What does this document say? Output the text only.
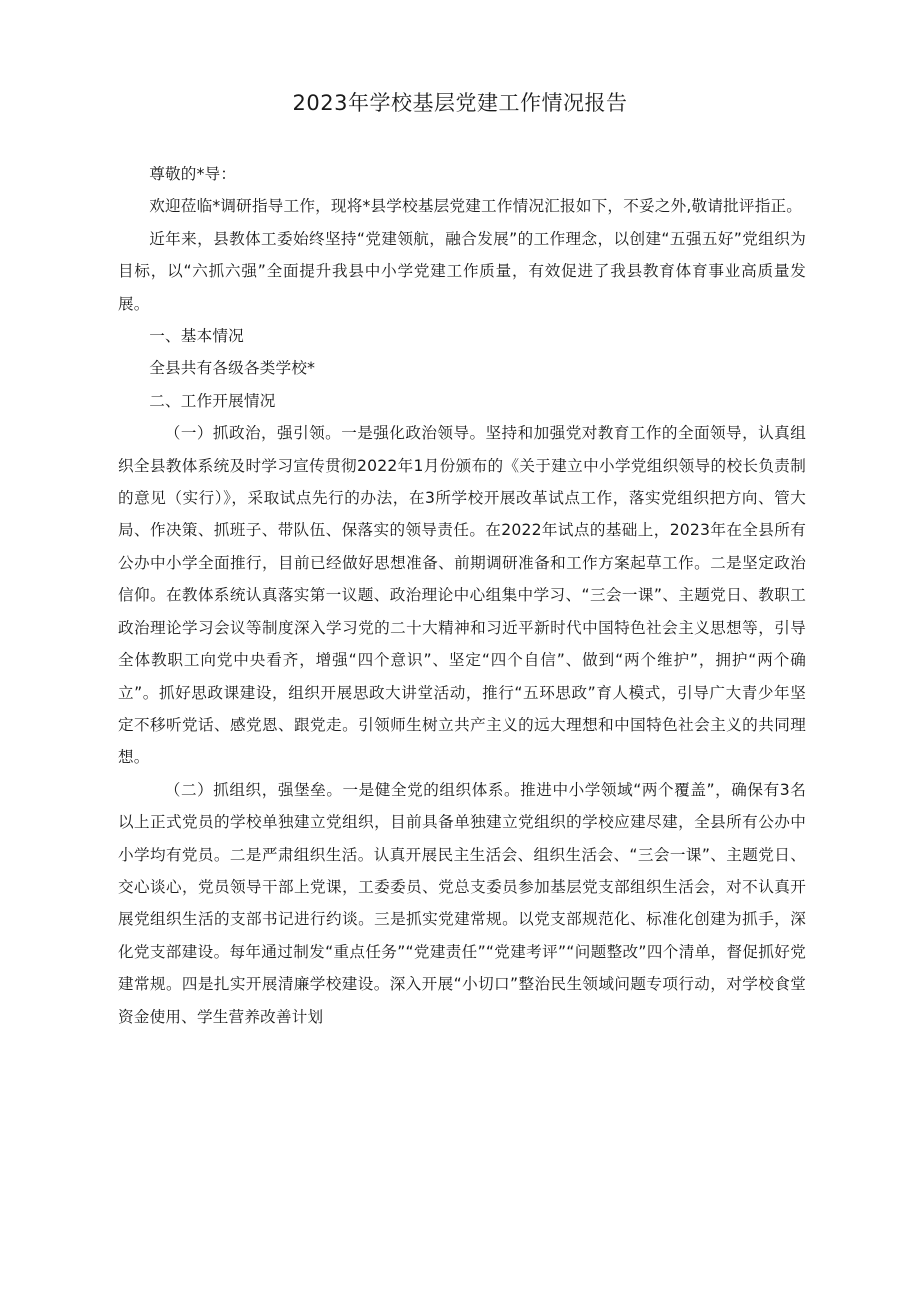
2023年学校基层党建工作情况报告

尊敬的*导：

欢迎莅临*调研指导工作，现将*县学校基层党建工作情况汇报如下，不妥之外,敬请批评指正。

近年来，县教体工委始终坚持“党建领航，融合发展”的工作理念，以创建“五强五好”党组织为目标，以“六抓六强”全面提升我县中小学党建工作质量，有效促进了我县教育体育事业高质量发展。

一、基本情况

全县共有各级各类学校*

二、工作开展情况

（一）抓政治，强引领。一是强化政治领导。坚持和加强党对教育工作的全面领导，认真组织全县教体系统及时学习宣传贯彻2022年1月份颁布的《关于建立中小学党组织领导的校长负责制的意见（实行）》，采取试点先行的办法，在3所学校开展改革试点工作，落实党组织把方向、管大局、作决策、抓班子、带队伍、保落实的领导责任。在2022年试点的基础上，2023年在全县所有公办中小学全面推行，目前已经做好思想准备、前期调研准备和工作方案起草工作。二是坚定政治信仰。在教体系统认真落实第一议题、政治理论中心组集中学习、“三会一课”、主题党日、教职工政治理论学习会议等制度深入学习党的二十大精神和习近平新时代中国特色社会主义思想等，引导全体教职工向党中央看齐，增强“四个意识”、坚定“四个自信”、做到“两个维护”，拥护“两个确立”。抓好思政课建设，组织开展思政大讲堂活动，推行“五环思政”育人模式，引导广大青少年坚定不移听党话、感党恩、跟党走。引领师生树立共产主义的远大理想和中国特色社会主义的共同理想。

（二）抓组织，强堡垒。一是健全党的组织体系。推进中小学领域“两个覆盖”，确保有3名以上正式党员的学校单独建立党组织，目前具备单独建立党组织的学校应建尽建，全县所有公办中小学均有党员。二是严肃组织生活。认真开展民主生活会、组织生活会、“三会一课”、主题党日、交心谈心，党员领导干部上党课，工委委员、党总支委员参加基层党支部组织生活会，对不认真开展党组织生活的支部书记进行约谈。三是抓实党建常规。以党支部规范化、标准化创建为抓手，深化党支部建设。每年通过制发“重点任务”“党建责任”“党建考评”“问题整改”四个清单，督促抓好党建常规。四是扎实开展清廉学校建设。深入开展“小切口”整治民生领域问题专项行动，对学校食堂资金使用、学生营养改善计划
